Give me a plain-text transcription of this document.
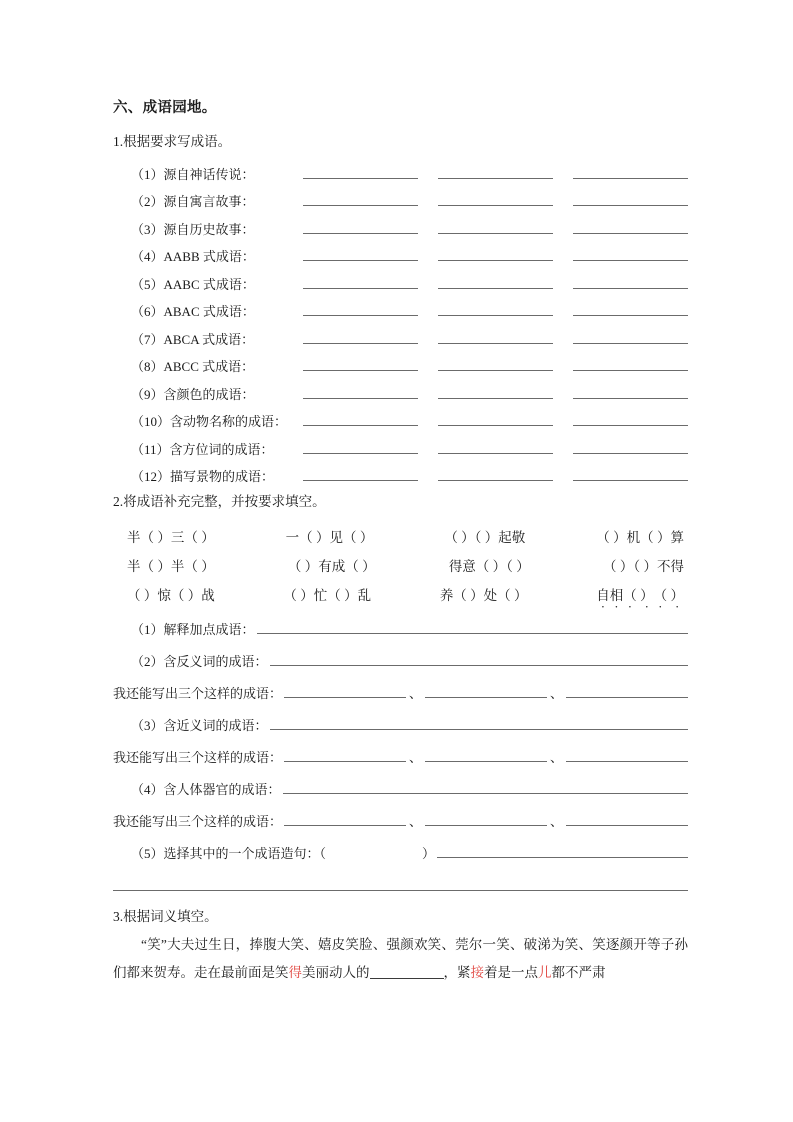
六、成语园地。
1.根据要求写成语。
（1）源自神话传说：
（2）源自寓言故事：
（3）源自历史故事：
（4）AABB 式成语：
（5）AABC 式成语：
（6）ABAC 式成语：
（7）ABCA 式成语：
（8）ABCC 式成语：
（9）含颜色的成语：
（10）含动物名称的成语：
（11）含方位词的成语：
（12）描写景物的成语：
2.将成语补充完整，并按要求填空。
半（ ）三（ ）	一（ ）见（ ）	（ ）（ ）起敬	（ ）机（ ）算
半（ ）半（ ）	（ ）有成（ ）	得意（ ）（ ）	（ ）（ ）不得
（ ）惊（ ）战	（ ）忙（ ）乱	养（ ）处（ ）	自相（ · ） ·（ · ） ·
（1）解释加点成语：
（2）含反义词的成语：
我还能写出三个这样的成语：	、	、
（3）含近义词的成语：
我还能写出三个这样的成语：	、	、
（4）含人体器官的成语：
我还能写出三个这样的成语：	、	、
（5）选择其中的一个成语造句：（	）
3.根据词义填空。

“笑”大夫过生日，捧腹大笑、嬉皮笑脸、强颜欢笑、莞尔一笑、破涕为笑、笑逐颜开等子孙们都来贺寿。走在最前面是笑得美丽动人的	，紧接着是一点儿都不严肃
